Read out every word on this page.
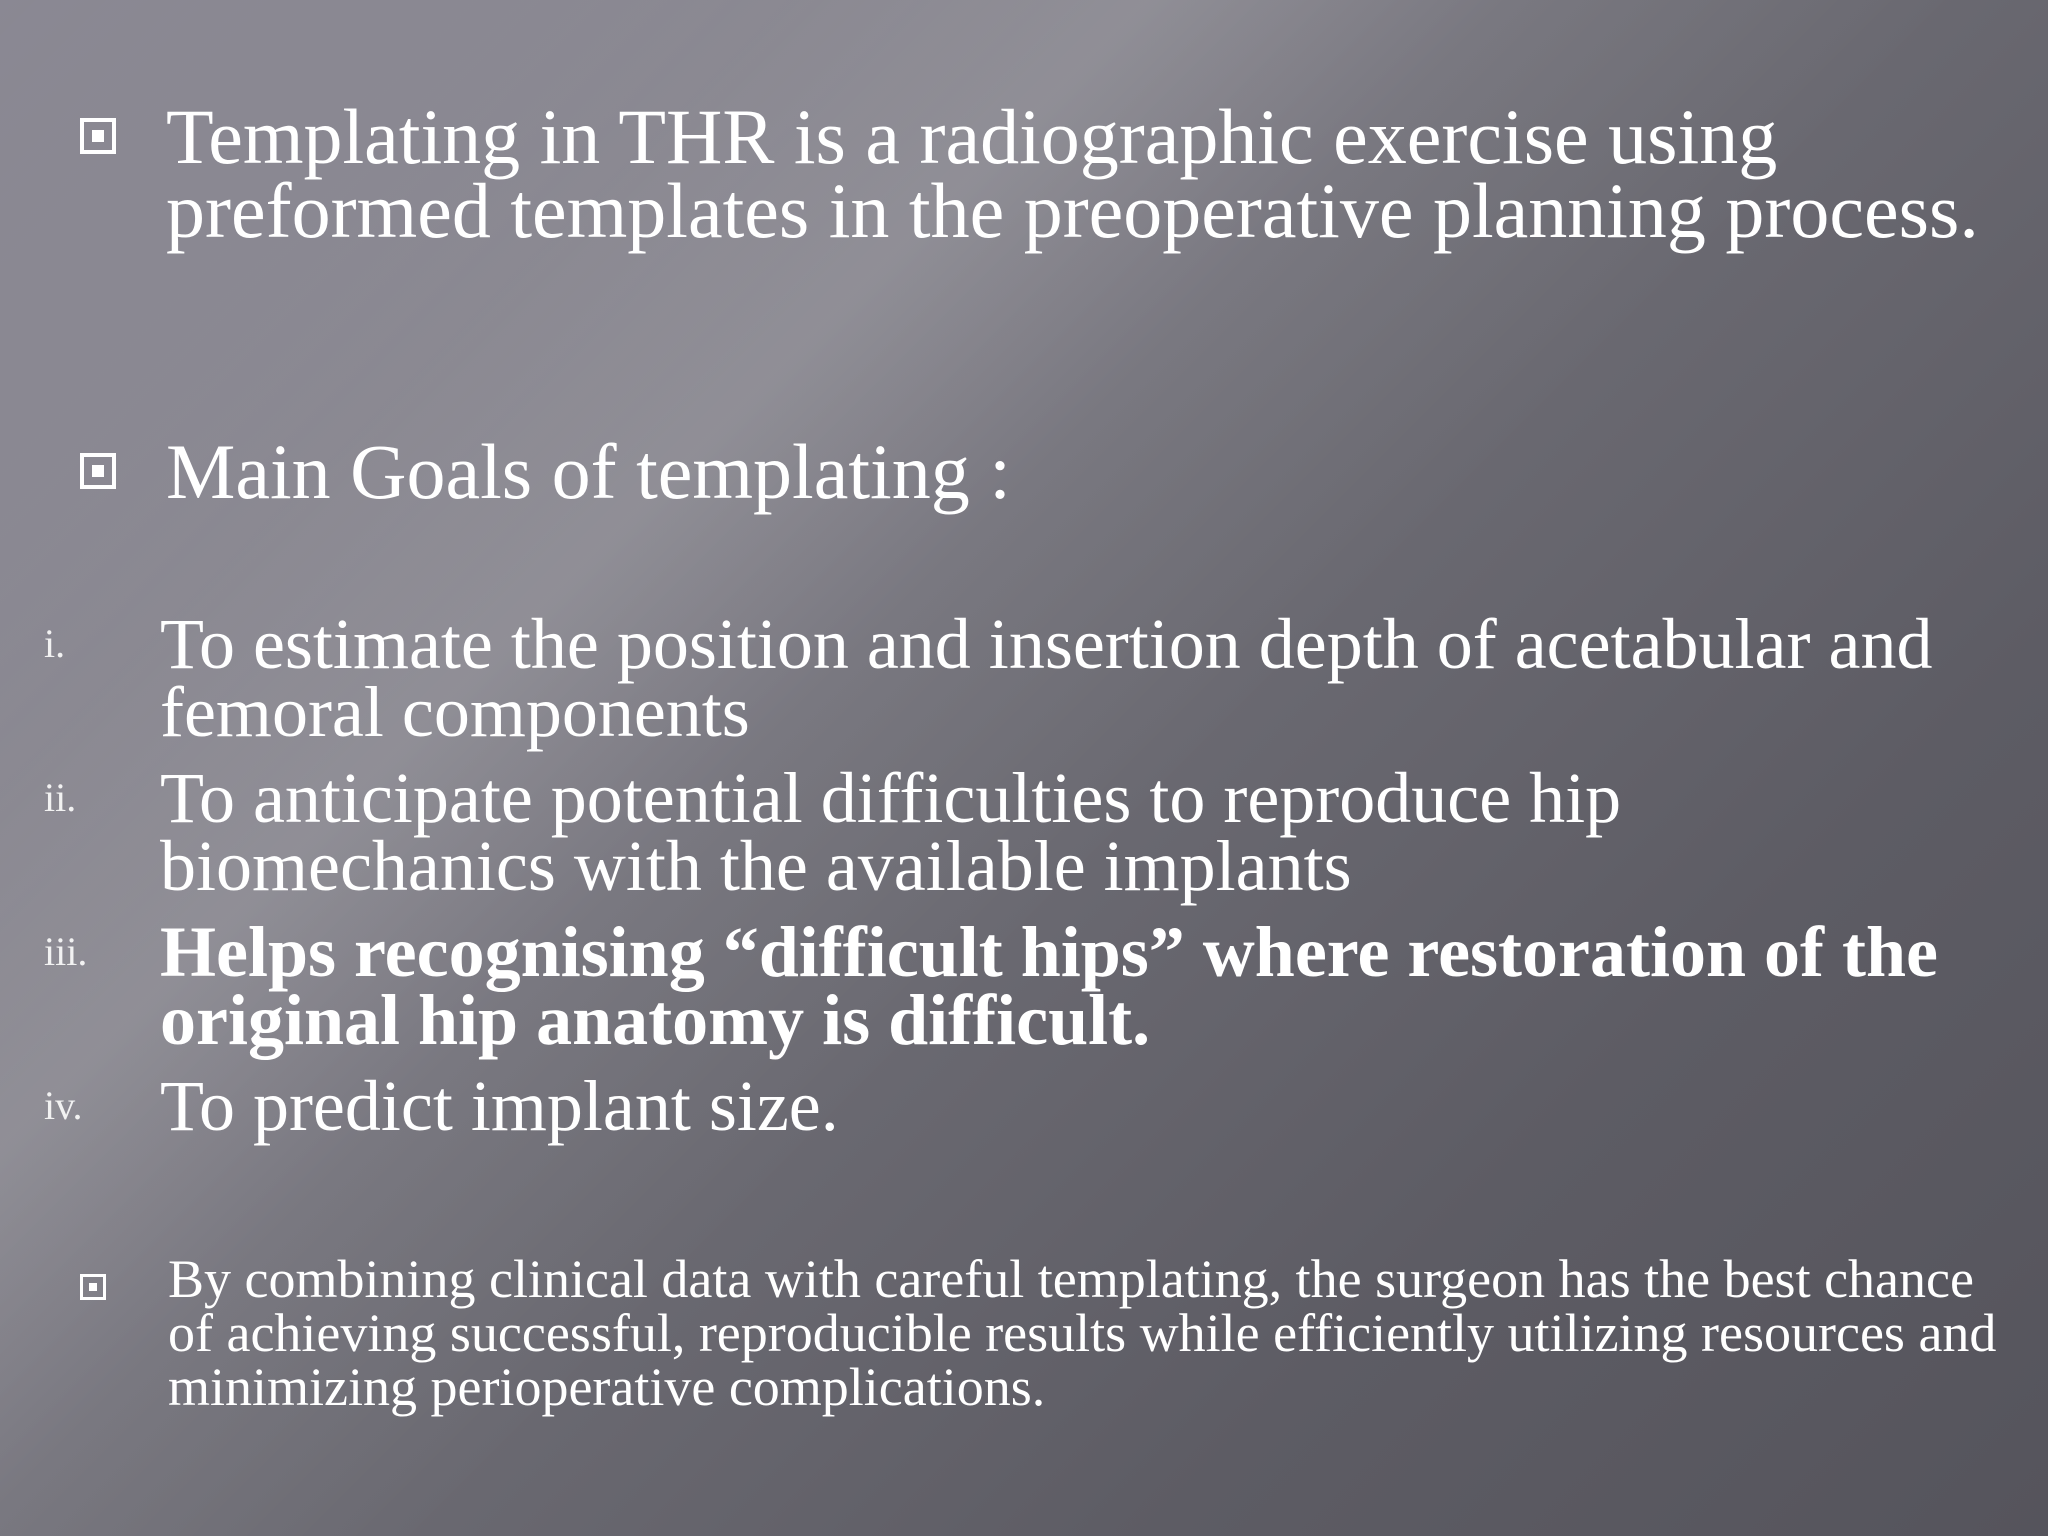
Templating in THR is a radiographic exercise using preformed templates in the preoperative planning process.

Main Goals of templating :

i.	To estimate the position and insertion depth of acetabular and femoral components
ii.	To anticipate potential difficulties to reproduce hip biomechanics with the available implants
iii.	Helps recognising “difficult hips” where restoration of the original hip anatomy is difficult.
iv.	To predict implant size.

By combining clinical data with careful templating, the surgeon has the best chance of achieving successful, reproducible results while efficiently utilizing resources and minimizing perioperative complications.
